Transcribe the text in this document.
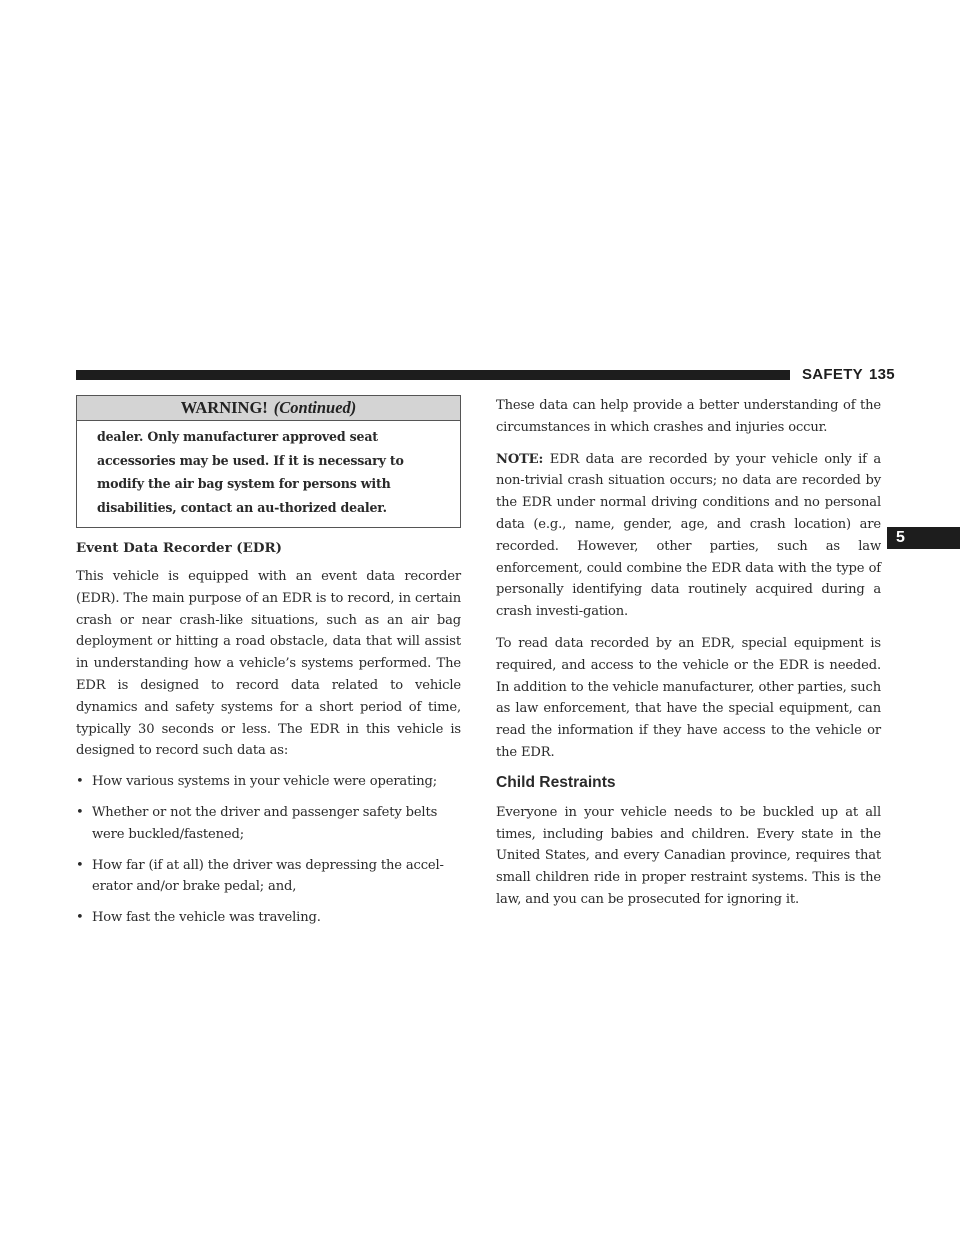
SAFETY 135
5
WARNING! (Continued)
dealer. Only manufacturer approved seat accessories may be used. If it is necessary to modify the air bag system for persons with disabilities, contact an au-thorized dealer.
Event Data Recorder (EDR)

This vehicle is equipped with an event data recorder (EDR). The main purpose of an EDR is to record, in certain crash or near crash-like situations, such as an air bag deployment or hitting a road obstacle, data that will assist in understanding how a vehicle’s systems performed. The EDR is designed to record data related to vehicle dynamics and safety systems for a short period of time, typically 30 seconds or less. The EDR in this vehicle is designed to record such data as:

• How various systems in your vehicle were operating;
• Whether or not the driver and passenger safety belts were buckled/fastened;
• How far (if at all) the driver was depressing the accel-erator and/or brake pedal; and,
• How fast the vehicle was traveling.

These data can help provide a better understanding of the circumstances in which crashes and injuries occur.

NOTE: EDR data are recorded by your vehicle only if a non-trivial crash situation occurs; no data are recorded by the EDR under normal driving conditions and no personal data (e.g., name, gender, age, and crash location) are recorded. However, other parties, such as law enforcement, could combine the EDR data with the type of personally identifying data routinely acquired during a crash investi-gation.

To read data recorded by an EDR, special equipment is required, and access to the vehicle or the EDR is needed. In addition to the vehicle manufacturer, other parties, such as law enforcement, that have the special equipment, can read the information if they have access to the vehicle or the EDR.

Child Restraints

Everyone in your vehicle needs to be buckled up at all times, including babies and children. Every state in the United States, and every Canadian province, requires that small children ride in proper restraint systems. This is the law, and you can be prosecuted for ignoring it.
